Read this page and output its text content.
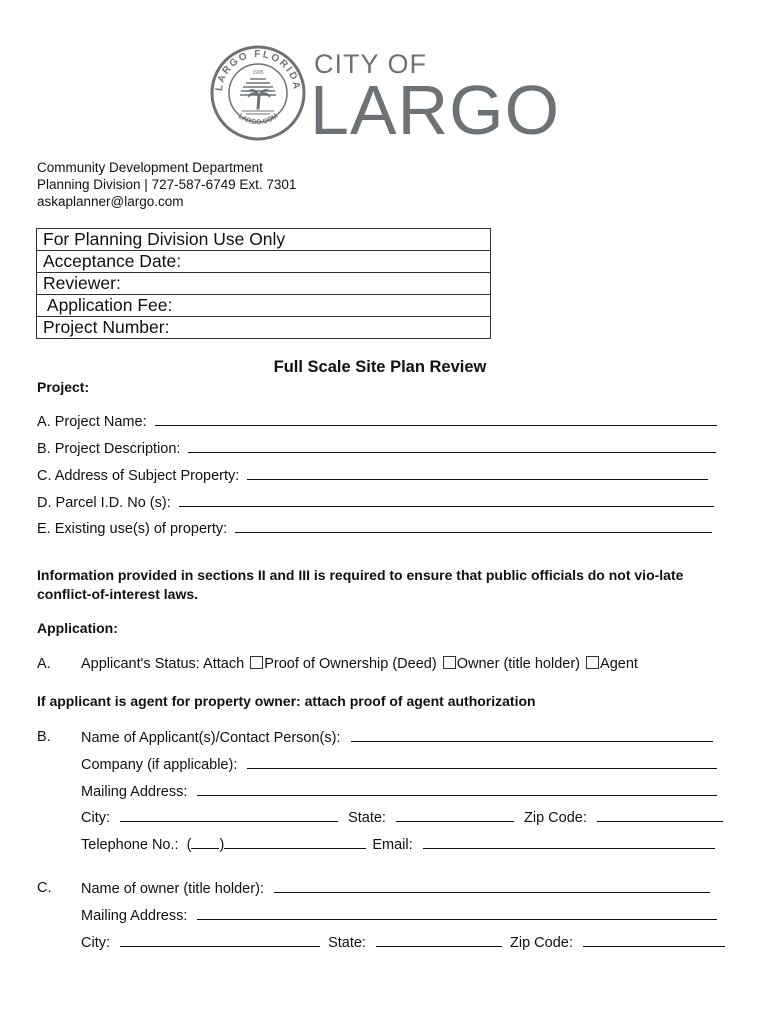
LARGO FLORIDA
LARGO.COM
1905 CITY OF
LARGO
Community Development Department
Planning Division | 727-587-6749 Ext. 7301
askaplanner@largo.com
For Planning Division Use Only
Acceptance Date:
Reviewer:
Application Fee:
Project Number:
Full Scale Site Plan Review
Project:
A. Project Name:
B. Project Description:
C. Address of Subject Property:
D. Parcel I.D. No (s):
E. Existing use(s) of property:
Information provided in sections II and III is required to ensure that public officials do not vio-late conflict-of-interest laws.
Application:
A. Applicant's Status: Attach Proof of Ownership (Deed) Owner (title holder) Agent
If applicant is agent for property owner: attach proof of agent authorization
B. Name of Applicant(s)/Contact Person(s):
Company (if applicable):
Mailing Address:
City:	State:	Zip Code:
Telephone No.:  ( )	Email:
C. Name of owner (title holder):
Mailing Address:
City:	State:	Zip Code:
